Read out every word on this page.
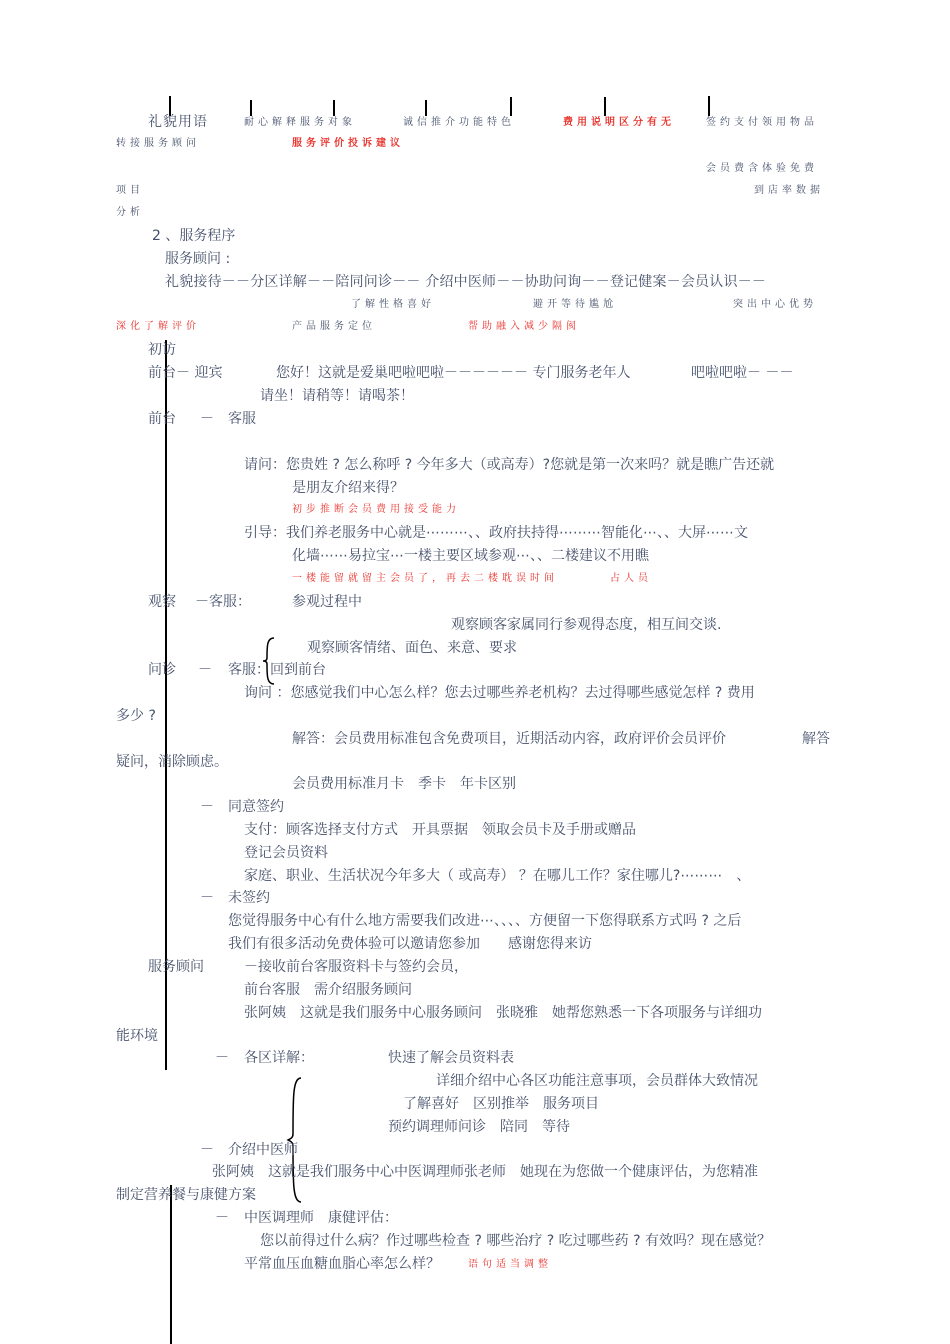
礼貌用语	耐心解释服务对象	诚信推介功能特色	费用说明区分有无	签约支付领用物品
转接服务顾问	服务评价投诉建议
会员费含体验免费
项目	到店率数据
分析
2 、服务程序
服务顾问 :
礼貌接待－－分区详解－－陪同问诊－－ 介绍中医师－－协助问询－－登记健案－会员认识－－
了解性格喜好	避开等待尴尬	突出中心优势
深化了解评价	产品服务定位	帮助融入减少隔阂
初访
前台－ 迎宾	您好！这就是爱巢吧啦吧啦－－－－－－ 专门服务老年人	吧啦吧啦－ －－
请坐！请稍等！请喝茶！
前台 － 客服
请问：您贵姓 ? 怎么称呼 ? 今年多大（或高寿）?您就是第一次来吗？就是瞧广告还就
是朋友介绍来得？
初步推断会员费用接受能力
引导：我们养老服务中心就是⋯⋯⋯、、政府扶持得⋯⋯⋯智能化⋯、、大屏⋯⋯文
化墙⋯⋯易拉宝⋯一楼主要区域参观⋯、、二楼建议不用瞧
一楼能留就留主会员了，再去二楼耽误时间	占人员
观察 －客服：	参观过程中
观察顾客家属同行参观得态度，相互间交谈.
观察顾客情绪、面色、来意、要求
问诊 － 客服：回到前台
询问 ：您感觉我们中心怎么样？您去过哪些养老机构？去过得哪些感觉怎样 ? 费用
多少 ?
解答：会员费用标准包含免费项目，近期活动内容，政府评价会员评价	解答
疑问，消除顾虑。
会员费用标准月卡　季卡　年卡区别
－ 同意签约
支付：顾客选择支付方式　开具票据　领取会员卡及手册或赠品
登记会员资料
家庭、职业、生活状况今年多大（ 或高寿） ？在哪儿工作？家住哪儿?⋯⋯⋯　、
－ 未签约
您觉得服务中心有什么地方需要我们改进⋯、、、、方便留一下您得联系方式吗 ? 之后
我们有很多活动免费体验可以邀请您参加　　感谢您得来访
服务顾问	－接收前台客服资料卡与签约会员，
前台客服　需介绍服务顾问
张阿姨　这就是我们服务中心服务顾问　张晓雅　她帮您熟悉一下各项服务与详细功
能环境
－ 各区详解：	快速了解会员资料表
详细介绍中心各区功能注意事项，会员群体大致情况
了解喜好　区别推举　服务项目
预约调理师问诊　陪同　等待
－ 介绍中医师
张阿姨　这就是我们服务中心中医调理师张老师　她现在为您做一个健康评估，为您精准
制定营养餐与康健方案
－ 中医调理师　康健评估：
您以前得过什么病？作过哪些检查 ? 哪些治疗 ? 吃过哪些药 ? 有效吗？现在感觉？
平常血压血糖血脂心率怎么样？	语句适当调整
